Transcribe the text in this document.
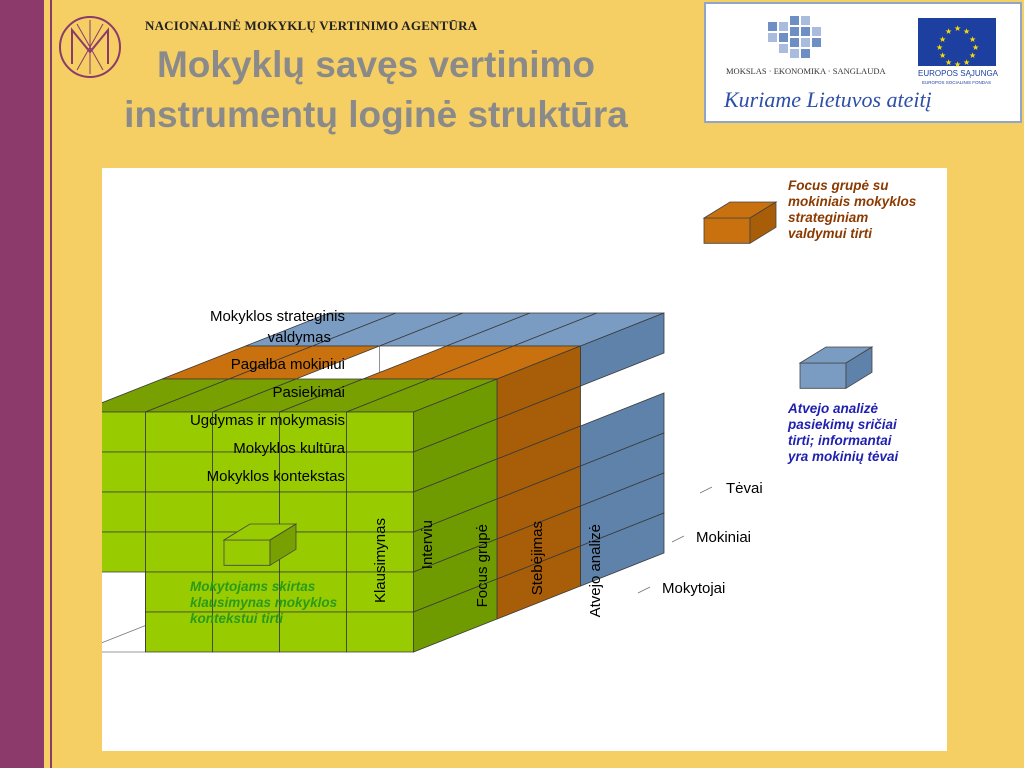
NACIONALINĖ MOKYKLŲ VERTINIMO AGENTŪRA
Mokyklų savęs vertinimo
instrumentų loginė struktūra
MOKSLAS · EKONOMIKA · SANGLAUDA
★ ★
★
★
★
★
★
★
★
★
★
★
EUROPOS SĄJUNGA
EUROPOS SOCIALINIS FONDAS
Kuriame Lietuvos ateitį
Mokyklos strateginis
valdymas
Pagalba mokiniui
Pasiekimai
Ugdymas ir mokymasis
Mokyklos kultūra
Mokyklos kontekstas
Klausimynas Interviu	Focus grupė	Stebėjimas	Atvejo analizė
Tėvai
Mokiniai
Mokytojai
Mokytojams skirtas
klausimynas mokyklos
kontekstui tirti
Focus grupė su
mokiniais mokyklos
strateginiam
valdymui tirti
Atvejo analizė
pasiekimų sričiai
tirti; informantai
yra mokinių tėvai
